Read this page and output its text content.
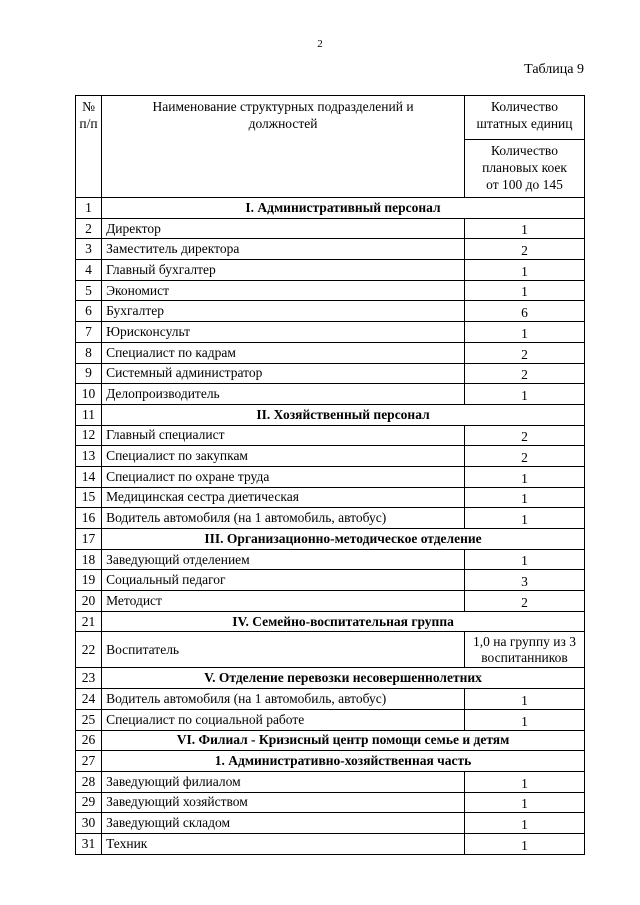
2
Таблица 9
№ п/п	Наименование структурных подразделений и должностей	Количество штатных единиц
		Количество плановых коек от 100 до 145
1	I. Административный персонал	
2	Директор	1
3	Заместитель директора	2
4	Главный бухгалтер	1
5	Экономист	1
6	Бухгалтер	6
7	Юрисконсульт	1
8	Специалист по кадрам	2
9	Системный администратор	2
10	Делопроизводитель	1
11	II. Хозяйственный персонал	
12	Главный специалист	2
13	Специалист по закупкам	2
14	Специалист по охране труда	1
15	Медицинская сестра диетическая	1
16	Водитель автомобиля (на 1 автомобиль, автобус)	1
17	III. Организационно-методическое отделение	
18	Заведующий отделением	1
19	Социальный педагог	3
20	Методист	2
21	IV. Семейно-воспитательная группа	
22	Воспитатель	1,0 на группу из 3 воспитанников
23	V. Отделение перевозки несовершеннолетних	
24	Водитель автомобиля (на 1 автомобиль, автобус)	1
25	Специалист по социальной работе	1
26	VI. Филиал - Кризисный центр помощи семье и детям	
27	1. Административно-хозяйственная часть	
28	Заведующий филиалом	1
29	Заведующий хозяйством	1
30	Заведующий складом	1
31	Техник	1
